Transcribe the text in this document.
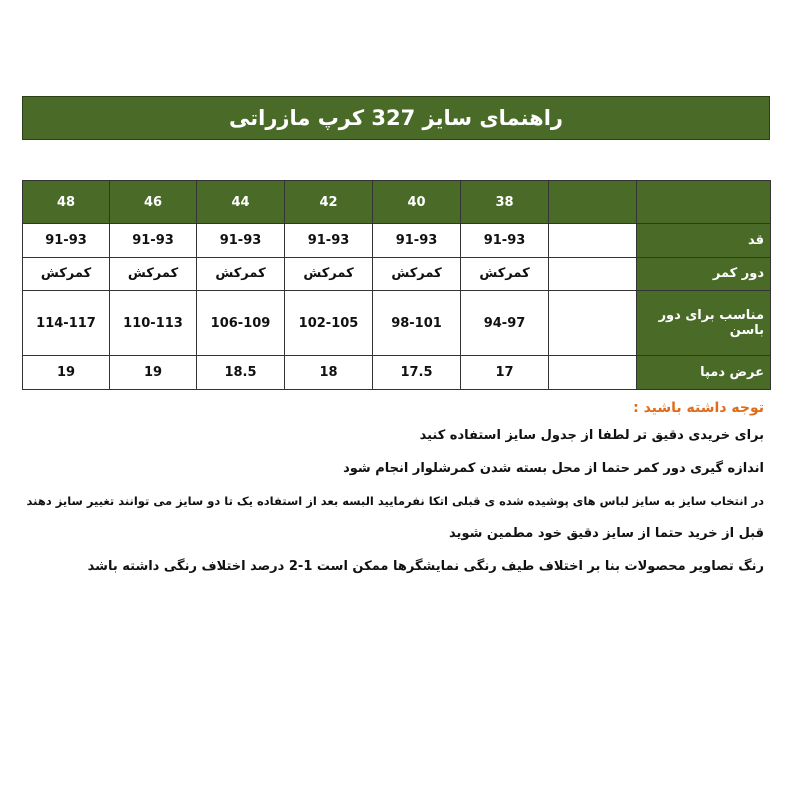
راهنمای سایز 327 کرپ مازراتی
48	46	44	42	40	38		
91-93	91-93	91-93	91-93	91-93	91-93		قد
کمرکش	کمرکش	کمرکش	کمرکش	کمرکش	کمرکش		دور کمر
114-117	110-113	106-109	102-105	98-101	94-97		مناسب برای دور باسن
19	19	18.5	18	17.5	17		عرض دمپا
توجه داشته باشید :
برای خریدی دقیق تر لطفا از جدول سایز استفاده کنید
اندازه گیری دور کمر حتما از محل بسته شدن کمرشلوار انجام شود
در انتخاب سایز به سایز لباس های پوشیده شده ی قبلی اتکا نفرمایید البسه بعد از استفاده یک تا دو سایز می توانند تغییر سایز دهند
قبل از خرید حتما از سایز دقیق خود مطمین شوید
رنگ تصاویر محصولات بنا بر اختلاف طیف رنگی نمایشگرها ممکن است 1-2 درصد اختلاف رنگی داشته باشد
